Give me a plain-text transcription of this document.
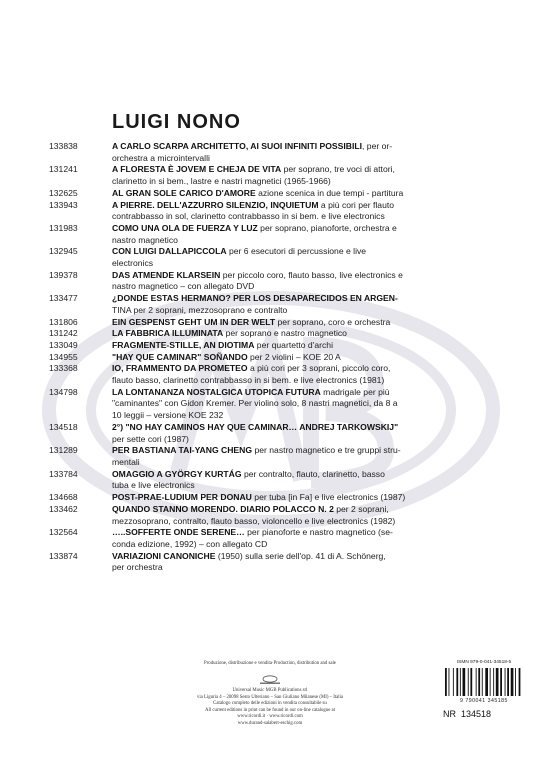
LUIGI NONO
133838	A CARLO SCARPA ARCHITETTO, AI SUOI INFINITI POSSIBILI, per or-
orchestra a microintervalli
131241	A FLORESTA È JOVEM E CHEJA DE VITA per soprano, tre voci di attori,
clarinetto in si bem., lastre e nastri magnetici (1965-1966)
132625	AL GRAN SOLE CARICO D'AMORE azione scenica in due tempi - partitura
133943	A PIERRE. DELL'AZZURRO SILENZIO, INQUIETUM a più cori per flauto
contrabbasso in sol, clarinetto contrabbasso in si bem. e live electronics
131983	COMO UNA OLA DE FUERZA Y LUZ per soprano, pianoforte, orchestra e
nastro magnetico
132945	CON LUIGI DALLAPICCOLA per 6 esecutori di percussione e live
electronics
139378	DAS ATMENDE KLARSEIN per piccolo coro, flauto basso, live electronics e
nastro magnetico – con allegato DVD
133477	¿DONDE ESTAS HERMANO? PER LOS DESAPARECIDOS EN ARGEN-
TINA per 2 soprani, mezzosoprano e contralto
131806	EIN GESPENST GEHT UM IN DER WELT per soprano, coro e orchestra
131242	LA FABBRICA ILLUMINATA per soprano e nastro magnetico
133049	FRAGMENTE-STILLE, AN DIOTIMA per quartetto d'archi
134955	"HAY QUE CAMINAR" SOÑANDO per 2 violini – KOE 20 A
133368	IO, FRAMMENTO DA PROMETEO a più cori per 3 soprani, piccolo coro,
flauto basso, clarinetto contrabbasso in si bem. e live electronics (1981)
134798	LA LONTANANZA NOSTALGICA UTOPICA FUTURA madrigale per più
"caminantes" con Gidon Kremer. Per violino solo, 8 nastri magnetici, da 8 a
10 leggii – versione KOE 232
134518	2°) "NO HAY CAMINOS HAY QUE CAMINAR… ANDREJ TARKOWSKIJ"
per sette cori (1987)
131289	PER BASTIANA TAI-YANG CHENG per nastro magnetico e tre gruppi stru-
mentali
133784	OMAGGIO A GYÖRGY KURTÁG per contralto, flauto, clarinetto, basso
tuba e live electronics
134668	POST-PRAE-LUDIUM PER DONAU per tuba [in Fa] e live electronics (1987)
133462	QUANDO STANNO MORENDO. DIARIO POLACCO N. 2 per 2 soprani,
mezzosoprano, contralto, flauto basso, violoncello e live electronics (1982)
132564	…..SOFFERTE ONDE SERENE… per pianoforte e nastro magnetico (se-
conda edizione, 1992) – con allegato CD
133874	VARIAZIONI CANONICHE (1950) sulla serie dell'op. 41 di A. Schönerg,
per orchestra
Produzione, distribuzione e vendita·Production, distribution and sale
Universal Music MGB Publications srl
via Liguria 4 – 20098 Sesto Ulteriano – San Giuliano Milanese (MI) – Italia
Catalogo completo delle edizioni in vendita consultabile su
All current editions in print can be found in our on-line catalogue at
www.ricordi.it · www.ricordi.com
www.durand-salabert-eschig.com
ISMN 979-0-041-34518-5
9 790041 345185
NR  134518
